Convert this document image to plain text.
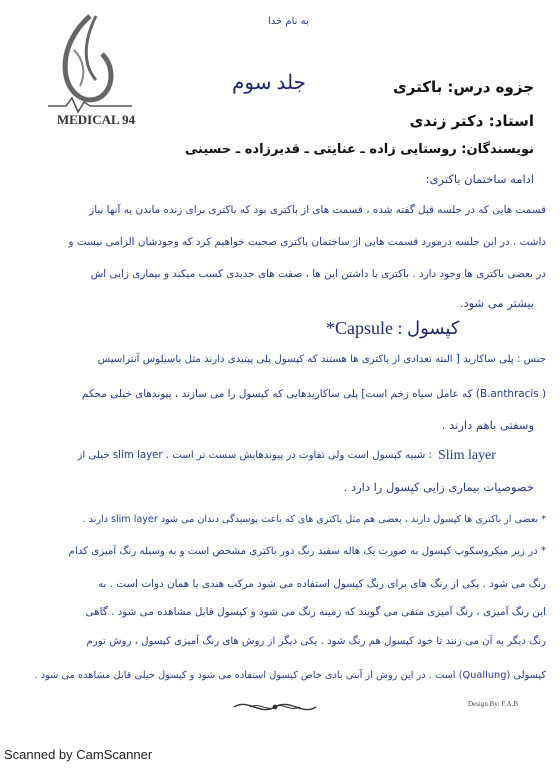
MEDICAL 94
به نام خدا
جلد سوم	جزوه درس: باکتری
استاد: دکتر زندی
نویسندگان: روستایی زاده ـ عنایتی ـ قدیرزاده ـ حسینی
ادامه ساختمان باکتری:
قسمت هایی که در جلسه قبل گفته شده ، قسمت های از باکتری بود که باکتری برای زنده ماندن به آنها نیاز
داشت . در این جلسه درمورد قسمت هایی از ساختمان باکتری صحبت خواهیم کرد که وجودشان الزامی نیست و
در بعضی باکتری ها وجود دارد . باکتری با داشتن این ها ، صفت های جدیدی کسب میکند و بیماری زایی اش
بیشتر می شود.
کپسول : Capsule*
جنس : پلی ساکارید [ البته تعدادی از باکتری ها هستند که کپسول پلی پپتیدی دارند مثل باسیلوس آنتراسیس
( B.anthracis) که عامل سیاه زخم است] پلی ساکاریدهایی که کپسول را می سازند ، پیوندهای خیلی محکم
وسفتی باهم دارند .
Slim layer
: شبیه کپسول است ولی تفاوت در پیوندهایش سست تر است . slim layer خیلی از
خصوصیات بیماری زایی کپسول را دارد .
* بعضی از باکتری ها کپسول دارند ، بعضی هم مثل باکتری های که باعث پوسیدگی دندان می شود slim layer دارند .
* در زیر میکروسکوپ کپسول به صورت یک هاله سفید رنگ دور باکتری مشخص است و به وسیله رنگ آمیزی کدام
رنگ می شود . یکی از رنگ های برای رنگ کپسول استفاده می شود مرکب هندی یا همان دوات است . به
این رنگ آمیزی ، رنگ آمیزی منفی می گویند که زمینه رنگ می شود و کپسول قابل مشاهده می شود . گاهی
رنگ دیگر به آن می زنند تا خود کپسول هم رنگ شود . یکی دیگر از روش های رنگ آمیزی کپسول ، روش تورم
کپسولی (Quallung) است . در این روش از آنتی بادی خاص کپسول استفاده می شود و کپسول خیلی قابل مشاهده می شود .
Design By: F.A.B
Scanned by CamScanner
